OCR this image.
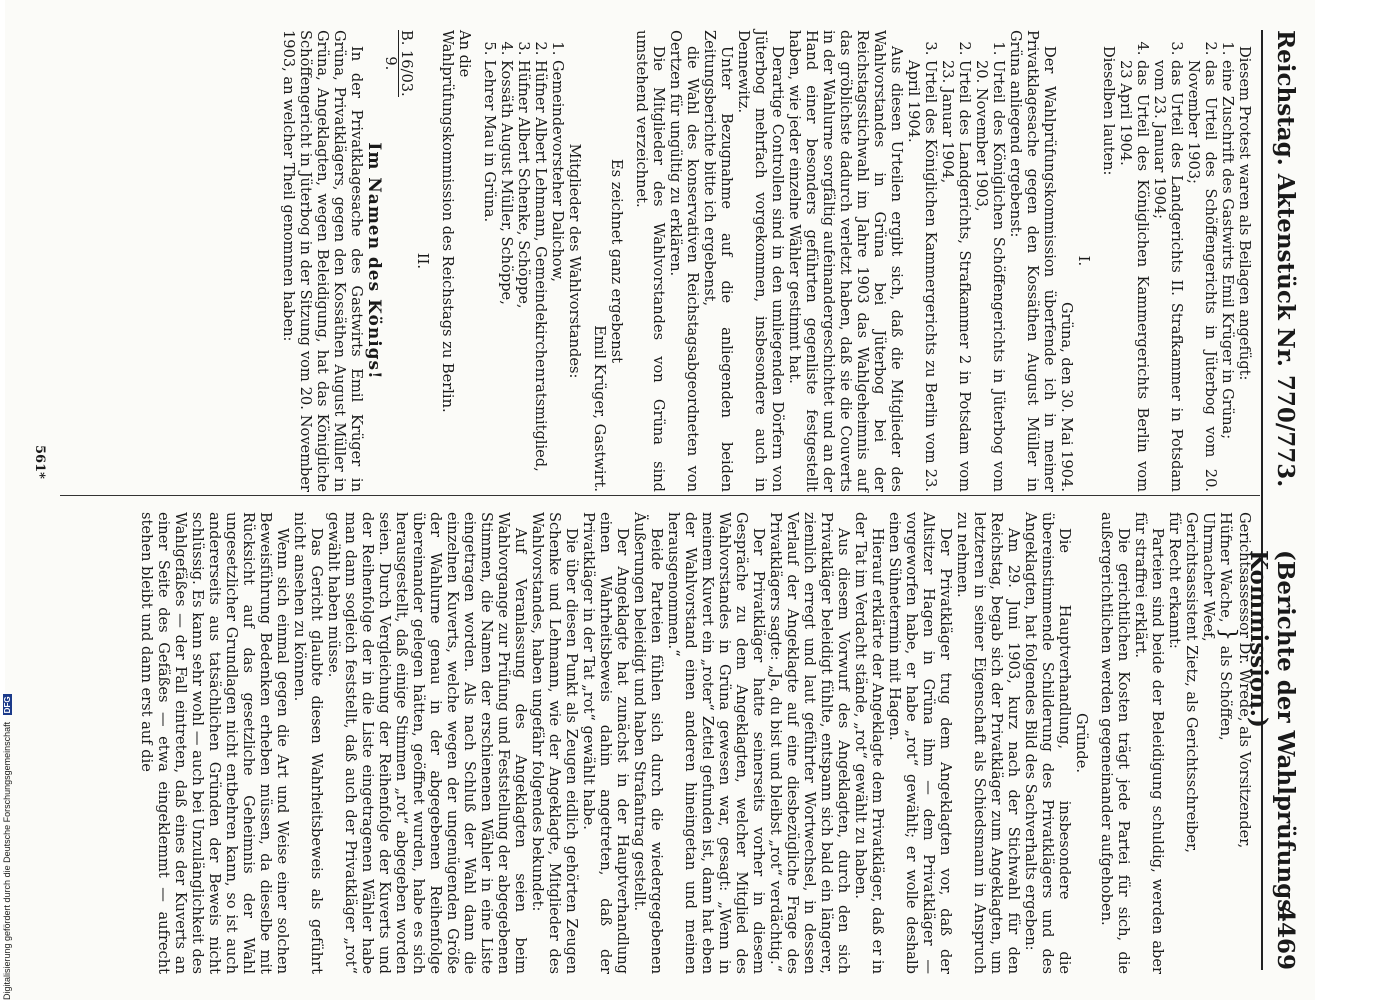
Reichstag. Aktenstück Nr. 770/773.
(Berichte der Wahlprüfungs-Kommission.)
4469

Diesem Protest waren als Beilagen angefügt:

1. eine Zuschrift des Gastwirts Emil Krüger in Grüna;
2. das Urteil des Schöffengerichts in Jüterbog vom 20. November 1903;
3. das Urteil des Landgerichts II. Strafkammer in Potsdam vom 23. Januar 1904;
4. das Urteil des Königlichen Kammergerichts Berlin vom 23 April 1904.

Dieselben lauten:

I.

Grüna, den 30. Mai 1904.

Der Wahlprüfungskommission überfende ich in meiner Privatklagesache gegen den Kossäthen August Müller in Grüna anliegend ergebenst:

1. Urteil des Königlichen Schöffengerichts in Jüterbog vom 20. November 1903,
2. Urteil des Landgerichts, Strafkammer 2 in Potsdam vom 23. Januar 1904,
3. Urteil des Königlichen Kammergerichts zu Berlin vom 23. April 1904.

Aus diesen Urteilen ergibt sich, daß die Mitglieder des Wahlvorstandes in Grüna bei Jüterbog bei der Reichstagsstichwahl im Jahre 1903 das Wahlgeheimnis auf das gröblichste dadurch verletzt haben, daß sie die Couverts in der Wahlurne sorgfältig aufeinandergeschichtet und an der Hand einer besonders geführten gegenliste festgestellt haben, wie jeder einzelne Wähler gestimmt hat.

Derartige Controllen sind in den umliegenden Dörfern von Jüterbog mehrfach vorgekommen, insbesondere auch in Dennewitz.

Unter Bezugnahme auf die anliegenden beiden Zeitungsberichte bitte ich ergebenst,

die Wahl des konservativen Reichstagsabgeordneten von Oertzen für ungültig zu erklären.

Die Mitglieder des Wahlvorstandes von Grüna sind umstehend verzeichnet.

Es zeichnet ganz ergebenst

Emil Krüger, Gastwirt.

Mitglieder des Wahlvorstandes:

1. Gemeindevorsteher Dalichow,
2. Hüfner Albert Lehmann, Gemeindekirchenratsmitglied,
3. Hüfner Albert Schenke, Schöppe,
4. Kossäth August Müller, Schöppe,
5. Lehrer Mau in Grüna.

An die

Wahlprüfungskommission des Reichstags zu Berlin.

II.

B. 16/03.
9.

Im Namen des Königs!

In der Privatklagesache des Gastwirts Emil Krüger in Grüna, Privatklägers, gegen den Kossäthen August Müller in Grüna, Angeklagten, wegen Beleidigung, hat das Königliche Schöffengericht in Jüterbog in der Sitzung vom 20. November 1903, an welcher Theil genommen haben:

Gerichtsassessor Dr. Wrede, als Vorsitzender,

Hüfner Wache, } als Schöffen,

Uhrmacher Weef,

Gerichtsassistent Zietz, als Gerichtsschreiber,

für Recht erkannt:

Parteien sind beide der Beleidigung schuldig, werden aber für straffrei erklärt.

Die gerichtlichen Kosten trägt jede Partei für sich, die außergerichtlichen werden gegeneinander aufgehoben.

Gründe.

Die Hauptverhandlung, insbesondere die übereinstimmende Schilderung des Privatklägers und des Angeklagten, hat folgendes Bild des Sachverhalts ergeben:

Am 29. Juni 1903, kurz nach der Stichwahl für den Reichstag, begab sich der Privatkläger zum Angeklagten, um letzteren in seiner Eigenschaft als Schiedsmann in Anspruch zu nehmen.

Der Privatkläger trug dem Angeklagten vor, daß der Altsitzer Hagen in Grüna ihm — dem Privatkläger — vorgeworfen habe, er habe „rot“ gewählt; er wolle deshalb einen Sühnetermin mit Hagen.

Hierauf erklärte der Angeklagte dem Privatkläger, daß er in der Tat im Verdacht stände, „rot“ gewählt zu haben.

Aus diesem Vorwurf des Angeklagten, durch den sich Privatkläger beleidigt fühlte, entspann sich bald ein längerer, ziemlich erregt und laut geführter Wortwechsel, in dessen Verlauf der Angeklagte auf eine diesbezügliche Frage des Privatklägers sagte: „Ja, du bist und bleibst „rot“ verdächtig.“

Der Privatkläger hatte seinerseits vorher in diesem Gespräche zu dem Angeklagten, welcher Mitglied des Wahlvorstandes in Grüna gewesen war, gesagt: „Wenn in meinem Kuvert ein „roter“ Zettel gefunden ist, dann hat eben der Wahlvorstand einen anderen hineingetan und meinen herausgenommen.“

Beide Parteien fühlen sich durch die wiedergegebenen Äußerungen beleidigt und haben Strafantrag gestellt.

Der Angeklagte hat zunächst in der Hauptverhandlung einen Wahrheitsbeweis dahin angetreten, daß der Privatkläger in der Tat „rot“ gewählt habe.

Die über diesen Punkt als Zeugen eidlich gehörten Zeugen Schenke und Lehmann, wie der Angeklagte, Mitglieder des Wahlvorstandes, haben ungefähr folgendes bekundet:

Auf Veranlassung des Angeklagten seien beim Wahlvorgange zur Prüfung und Feststellung der abgegebenen Stimmen, die Namen der erschienenen Wähler in eine Liste eingetragen worden. Als nach Schluß der Wahl dann die einzelnen Kuverts, welche wegen der ungenügenden Größe der Wahlurne genau in der abgegebenen Reihenfolge übereinander gelegen hätten, geöffnet wurden, habe es sich herausgestellt, daß einige Stimmen „rot“ abgegeben worden seien. Durch Vergleichung der Reihenfolge der Kuverts und der Reihenfolge der in die Liste eingetragenen Wähler habe man dann sogleich feststellt, daß auch der Privatkläger „rot“ gewählt haben müsse.

Das Gericht glaubte diesen Wahrheitsbeweis als geführt nicht ansehen zu können.

Wenn sich einmal gegen die Art und Weise einer solchen Beweisführung Bedenken erheben müssen, da dieselbe mit Rücksicht auf das gesetzliche Geheimnis der Wahl ungesetzlicher Grundlagen nicht entbehren kann, so ist auch andererseits aus tatsächlichen Gründen der Beweis nicht schlüssig. Es kann sehr wohl — auch bei Unzulänglichkeit des Wahlgefäßes — der Fall eintreten, daß eines der Kuverts an einer Seite des Gefäßes — etwa eingeklemmt — aufrecht stehen bleibt und dann erst auf die

561*
Digitalisierung gefördert durch die Deutsche Forschungsgemeinschaft DFG
